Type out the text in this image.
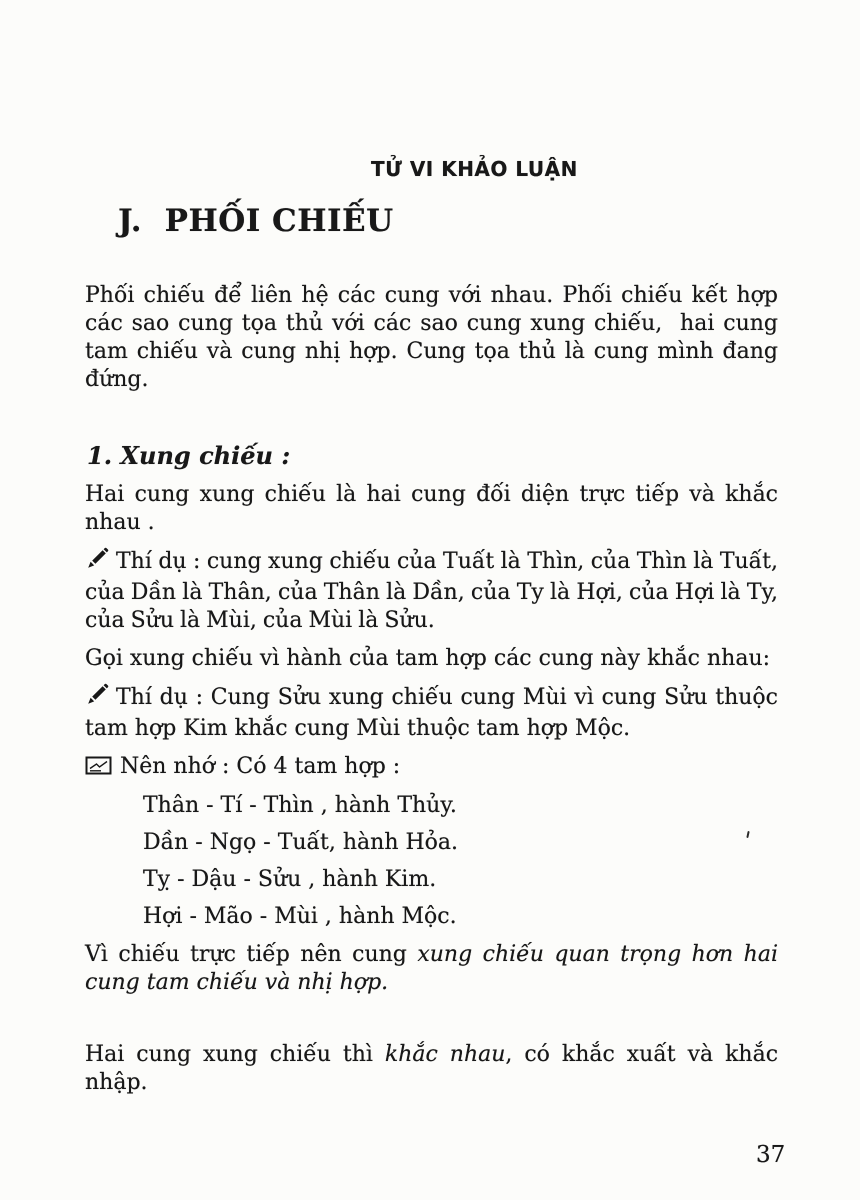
TỬ VI KHẢO LUẬN
J.  PHỐI CHIẾU

Phối chiếu để liên hệ các cung với nhau. Phối chiếu kết hợp các sao cung tọa thủ với các sao cung xung chiếu,  hai cung tam chiếu và cung nhị hợp. Cung tọa thủ là cung mình đang đứng.

1. Xung chiếu :

Hai cung xung chiếu là hai cung đối diện trực tiếp và khắc nhau .

Thí dụ : cung xung chiếu của Tuất là Thìn, của Thìn là Tuất, của Dần là Thân, của Thân là Dần, của Ty là Hợi, của Hợi là Ty, của Sửu là Mùi, của Mùi là Sửu.

Gọi xung chiếu vì hành của tam hợp các cung này khắc nhau:

Thí dụ : Cung Sửu xung chiếu cung Mùi vì cung Sửu thuộc tam hợp Kim khắc cung Mùi thuộc tam hợp Mộc.

Nên nhớ : Có 4 tam hợp :

Thân - Tí - Thìn , hành Thủy.
Dần - Ngọ - Tuất, hành Hỏa.
Tỵ - Dậu - Sửu , hành Kim.
Hợi - Mão - Mùi , hành Mộc.

Vì chiếu trực tiếp nên cung xung chiếu quan trọng hơn hai cung tam chiếu và nhị hợp.

Hai cung xung chiếu thì khắc nhau, có khắc xuất và khắc nhập.

37
